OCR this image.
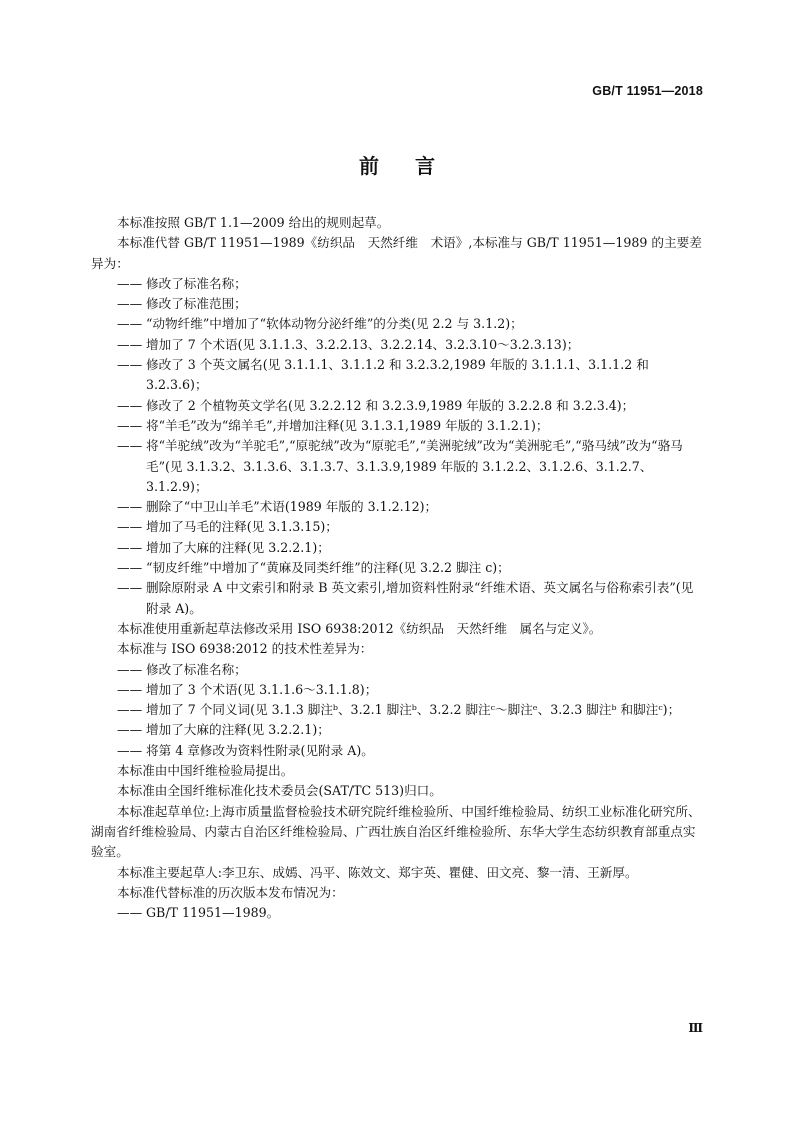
GB/T 11951—2018
前言

本标准按照 GB/T 1.1—2009 给出的规则起草。

本标准代替 GB/T 11951—1989《纺织品　天然纤维　术语》,本标准与 GB/T 11951—1989 的主要差异为：

—— 修改了标准名称；

—— 修改了标准范围；

—— “动物纤维”中增加了“软体动物分泌纤维”的分类(见 2.2 与 3.1.2)；

—— 增加了 7 个术语(见 3.1.1.3、3.2.2.13、3.2.2.14、3.2.3.10～3.2.3.13)；

—— 修改了 3 个英文属名(见 3.1.1.1、3.1.1.2 和 3.2.3.2,1989 年版的 3.1.1.1、3.1.1.2 和 3.2.3.6)；

—— 修改了 2 个植物英文学名(见 3.2.2.12 和 3.2.3.9,1989 年版的 3.2.2.8 和 3.2.3.4)；

—— 将“羊毛”改为“绵羊毛”,并增加注释(见 3.1.3.1,1989 年版的 3.1.2.1)；

—— 将“羊驼绒”改为“羊驼毛”,“原驼绒”改为“原驼毛”,“美洲驼绒”改为“美洲驼毛”,“骆马绒”改为“骆马毛”(见 3.1.3.2、3.1.3.6、3.1.3.7、3.1.3.9,1989 年版的 3.1.2.2、3.1.2.6、3.1.2.7、3.1.2.9)；

—— 删除了“中卫山羊毛”术语(1989 年版的 3.1.2.12)；

—— 增加了马毛的注释(见 3.1.3.15)；

—— 增加了大麻的注释(见 3.2.2.1)；

—— “韧皮纤维”中增加了“黄麻及同类纤维”的注释(见 3.2.2 脚注 c)；

—— 删除原附录 A 中文索引和附录 B 英文索引,增加资料性附录“纤维术语、英文属名与俗称索引表”(见附录 A)。

本标准使用重新起草法修改采用 ISO 6938:2012《纺织品　天然纤维　属名与定义》。

本标准与 ISO 6938:2012 的技术性差异为：

—— 修改了标准名称；

—— 增加了 3 个术语(见 3.1.1.6～3.1.1.8)；

—— 增加了 7 个同义词(见 3.1.3 脚注ᵇ、3.2.1 脚注ᵇ、3.2.2 脚注ᶜ～脚注ᵉ、3.2.3 脚注ᵇ 和脚注ᶜ)；

—— 增加了大麻的注释(见 3.2.2.1)；

—— 将第 4 章修改为资料性附录(见附录 A)。

本标准由中国纤维检验局提出。

本标准由全国纤维标准化技术委员会(SAT/TC 513)归口。

本标准起草单位:上海市质量监督检验技术研究院纤维检验所、中国纤维检验局、纺织工业标准化研究所、湖南省纤维检验局、内蒙古自治区纤维检验局、广西壮族自治区纤维检验所、东华大学生态纺织教育部重点实验室。

本标准主要起草人:李卫东、成嫣、冯平、陈效文、郑宇英、瞿健、田文亮、黎一清、王新厚。

本标准代替标准的历次版本发布情况为：

—— GB/T 11951—1989。

Ⅲ
